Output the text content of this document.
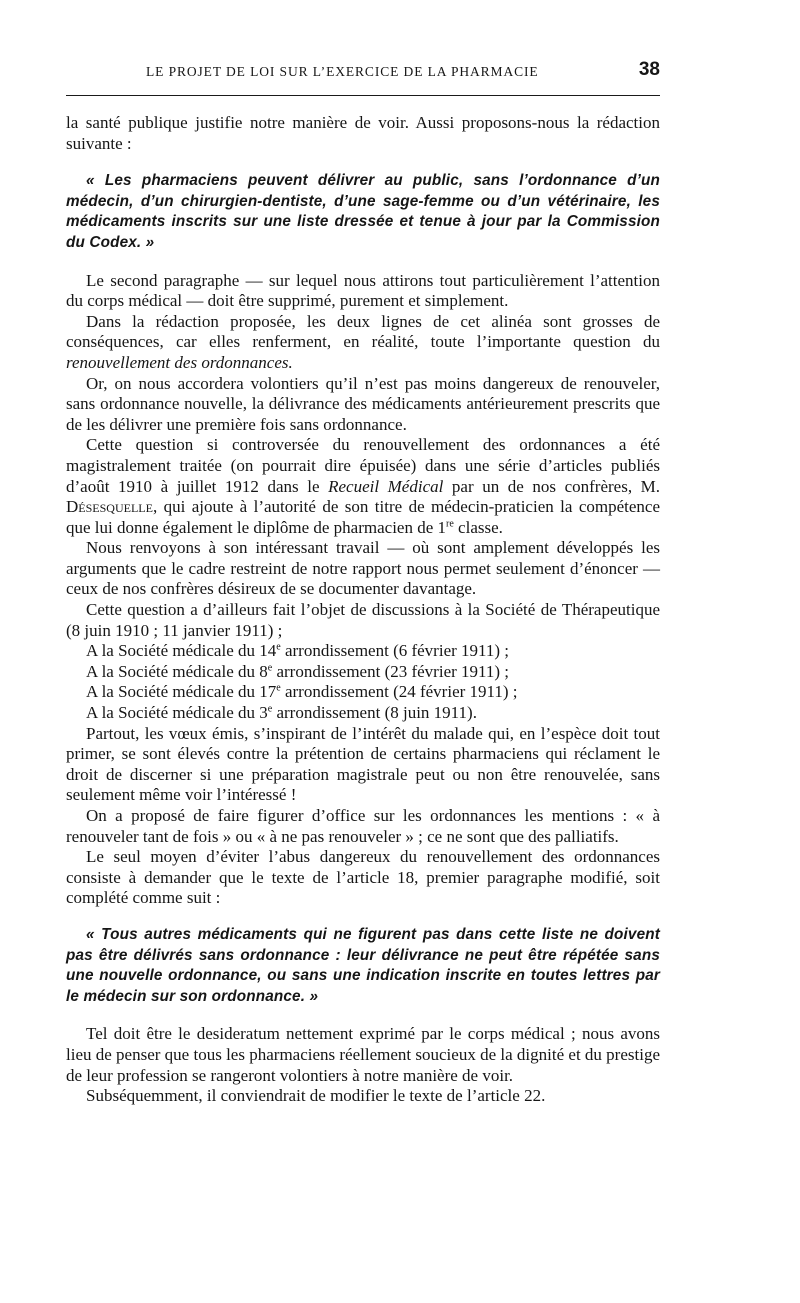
LE PROJET DE LOI SUR L’EXERCICE DE LA PHARMACIE	38

la santé publique justifie notre manière de voir. Aussi proposons-nous la rédaction suivante :

« Les pharmaciens peuvent délivrer au public, sans l’ordonnance d’un médecin, d’un chirurgien-dentiste, d’une sage-femme ou d’un vétérinaire, les médicaments inscrits sur une liste dressée et tenue à jour par la Commission du Codex. »

Le second paragraphe — sur lequel nous attirons tout particulièrement l’attention du corps médical — doit être supprimé, purement et simplement.

Dans la rédaction proposée, les deux lignes de cet alinéa sont grosses de conséquences, car elles renferment, en réalité, toute l’importante question du renouvellement des ordonnances.

Or, on nous accordera volontiers qu’il n’est pas moins dangereux de renouveler, sans ordonnance nouvelle, la délivrance des médicaments antérieurement prescrits que de les délivrer une première fois sans ordonnance.

Cette question si controversée du renouvellement des ordonnances a été magistralement traitée (on pourrait dire épuisée) dans une série d’articles publiés d’août 1910 à juillet 1912 dans le Recueil Médical par un de nos confrères, M. Désesquelle, qui ajoute à l’autorité de son titre de médecin-praticien la compétence que lui donne également le diplôme de pharmacien de 1re classe.

Nous renvoyons à son intéressant travail — où sont amplement développés les arguments que le cadre restreint de notre rapport nous permet seulement d’énoncer — ceux de nos confrères désireux de se documenter davantage.

Cette question a d’ailleurs fait l’objet de discussions à la Société de Thérapeutique (8 juin 1910 ; 11 janvier 1911) ;

A la Société médicale du 14e arrondissement (6 février 1911) ;

A la Société médicale du 8e arrondissement (23 février 1911) ;

A la Société médicale du 17e arrondissement (24 février 1911) ;

A la Société médicale du 3e arrondissement (8 juin 1911).

Partout, les vœux émis, s’inspirant de l’intérêt du malade qui, en l’espèce doit tout primer, se sont élevés contre la prétention de certains pharmaciens qui réclament le droit de discerner si une préparation magistrale peut ou non être renouvelée, sans seulement même voir l’intéressé !

On a proposé de faire figurer d’office sur les ordonnances les mentions : « à renouveler tant de fois » ou « à ne pas renouveler » ; ce ne sont que des palliatifs.

Le seul moyen d’éviter l’abus dangereux du renouvellement des ordonnances consiste à demander que le texte de l’article 18, premier paragraphe modifié, soit complété comme suit :

« Tous autres médicaments qui ne figurent pas dans cette liste ne doivent pas être délivrés sans ordonnance : leur délivrance ne peut être répétée sans une nouvelle ordonnance, ou sans une indication inscrite en toutes lettres par le médecin sur son ordonnance. »

Tel doit être le desideratum nettement exprimé par le corps médical ; nous avons lieu de penser que tous les pharmaciens réellement soucieux de la dignité et du prestige de leur profession se rangeront volontiers à notre manière de voir.

Subséquemment, il conviendrait de modifier le texte de l’article 22.
